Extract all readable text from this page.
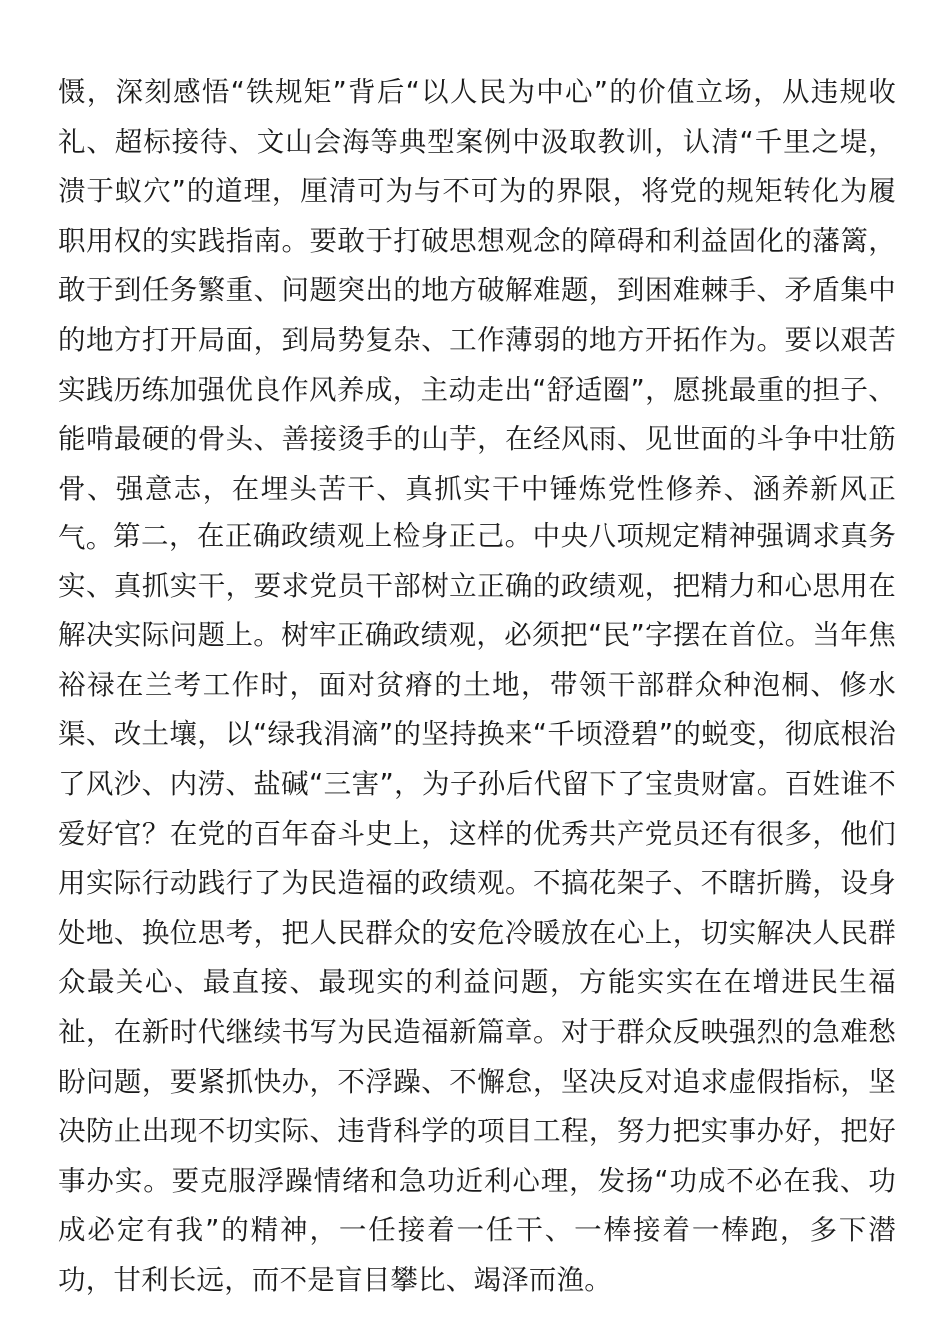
慑，深刻感悟“铁规矩”背后“以人民为中心”的价值立场，从违规收礼、超标接待、文山会海等典型案例中汲取教训，认清“千里之堤，溃于蚁穴”的道理，厘清可为与不可为的界限，将党的规矩转化为履职用权的实践指南。要敢于打破思想观念的障碍和利益固化的藩篱，敢于到任务繁重、问题突出的地方破解难题，到困难棘手、矛盾集中的地方打开局面，到局势复杂、工作薄弱的地方开拓作为。要以艰苦实践历练加强优良作风养成，主动走出“舒适圈”，愿挑最重的担子、能啃最硬的骨头、善接烫手的山芋，在经风雨、见世面的斗争中壮筋骨、强意志，在埋头苦干、真抓实干中锤炼党性修养、涵养新风正气。 第二，在正确政绩观上检身正己。中央八项规定精神强调求真务实、真抓实干，要求党员干部树立正确的政绩观，把精力和心思用在解决实际问题上。树牢正确政绩观，必须把“民”字摆在首位。当年焦裕禄在兰考工作时，面对贫瘠的土地，带领干部群众种泡桐、修水渠、改土壤，以“绿我涓滴”的坚持换来“千顷澄碧”的蜕变，彻底根治了风沙、内涝、盐碱“三害”，为子孙后代留下了宝贵财富。百姓谁不爱好官？在党的百年奋斗史上，这样的优秀共产党员还有很多，他们用实际行动践行了为民造福的政绩观。不搞花架子、不瞎折腾，设身处地、换位思考，把人民群众的安危冷暖放在心上，切实解决人民群众最关心、最直接、最现实的利益问题，方能实实在在增进民生福祉，在新时代继续书写为民造福新篇章。对于群众反映强烈的急难愁盼问题，要紧抓快办，不浮躁、不懈怠，坚决反对追求虚假指标，坚决防止出现不切实际、违背科学的项目工程，努力把实事办好，把好事办实。要克服浮躁情绪和急功近利心理，发扬“功成不必在我、功成必定有我”的精神，一任接着一任干、一棒接着一棒跑，多下潜功，甘利长远，而不是盲目攀比、竭泽而渔。
